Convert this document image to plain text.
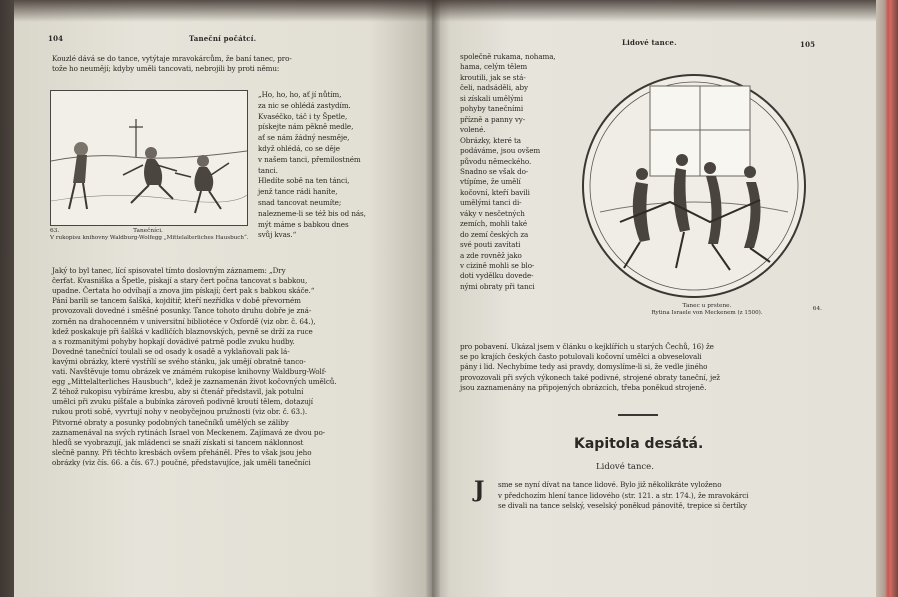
104	Taneční počátcí.
Kouzlé dává se do tance, vytýtaje mravokárcům, že baní tanec, pro-
tože ho neumějí; kdyby uměli tancovati, nebrojili by proti němu:
63.	Tanečníci.
V rukopisu knihovny Waldburg-Wolfegg „Mittelalterliches Hausbuch“.
„Ho, ho, ho, ať jí nůtím,
za nic se ohlédá zastydím.
Kvaséčko, táč i ty Špetle,
pískejte nám pěkně medle,
ať se nám žádný nesměje,
když ohlédá, co se děje
v našem tanci, přemilostném
tanci.
Hledíte sobě na ten tánci,
jenž tance rádi haníte,
snad tancovat neumíte;
nalezneme-li se též bis od nás,
mýt máme s babkou dnes
svůj kvas.“
Jaký to byl tanec, lící spisovatel tímto doslovným záznamem: „Dry
čerfat. Kvasniška a Špetle, pískají a stary čert počna tancovat s babkou,
upadne. Čertata ho odvíhají a znova jim pískají; čert pak s babkou skáče.“
Pání barili se tancem šalšká, kojditiř, kteří nezřídka v době převorném
provozovali dovedné i směšné posunky. Tance tohoto druhu dobře je zná-
zorněn na drahocenném v universitní bibliotéce v Oxfordě (viz obr. č. 64.),
kdež poskakuje při šalšká v kadličích blaznovských, pevně se drží za ruce
a s rozmanitými pohyby hopkají dovádivé patrně podle zvuku hudby.
Dovedné tanečnící toulali se od osady k osadě a vyklaňovali pak lá-
kavými obrázky, které vystřílí se svého stánku, jak umějí obratně tanco-
vati. Navštěvuje tomu obrázek ve známém rukopise knihovny Waldburg-Wolf-
egg „Mittelalterliches Hausbuch“, kdež je zaznamenán život kočovných umělců.
Z téhož rukopisu vybíráme kresbu, aby si čtenář představil, jak potulní
umělci při zvuku píšťale a bubínka zároveň podivně kroutí tělem, dotazují
rukou proti sobě, vyvrtují nohy v neobyčejnou pružnosti (viz obr. č. 63.).
Pitvorné obraty a posunky podobných tanečníků umělých se záliby
zaznamenával na svých rytinách Israel von Meckenem. Zajímavá ze dvou po-
hledů se vyobrazují, jak mládenci se snaží získati si tancem náklonnost
slečně panny. Při těchto kresbách ovšem přeháněl. Přes to však jsou jeho
obrázky (viz čís. 66. a čís. 67.) poučné, představujíce, jak uměli tanečníci
Lidové tance.	105
společně rukama, nohama,
hama, celým tělem
kroutili, jak se stá-
čeli, nadsáděli, aby
si získali umělými
pohyby tanečními
přízně a panny vy-
volené.
Obrázky, které ta
podáváme, jsou ovšem
původu německého.
Snadno se však do-
vtípíme, že umělí
kočovní, kteří bavili
umělými tanci di-
váky v nesčetných
zemích, mohli také
do zemí českých za
své pouti zavítati
a zde rovněž jako
v cizině mohli se blo-
doti vydělku dovede-
nými obraty při tanci
64.
Tanec u prstene.
Rytina Israele von Meckenem (z 1500).
pro pobavení. Ukázal jsem v článku o kejklířích u starých Čechů, 16) že
se po krajích českých často potulovali kočovní umělci a obveselovali
pány i lid. Nechybíme tedy asi pravdy, domyslíme-li si, že vedle jiného
provozovali při svých výkonech také podivné, strojené obraty taneční, jež
jsou zaznamenány na připojených obrázcích, třeba poněkud strojeně.
Kapitola desátá.
Lidové tance.
J sme se nyní dívat na tance lidové. Bylo již několikráte vyloženo
v předchozím hlení tance lidového (str. 121. a str. 174.), že mravokárci
se divali na tance selský, veselský poněkud pánovitě, trepice si čertíky
